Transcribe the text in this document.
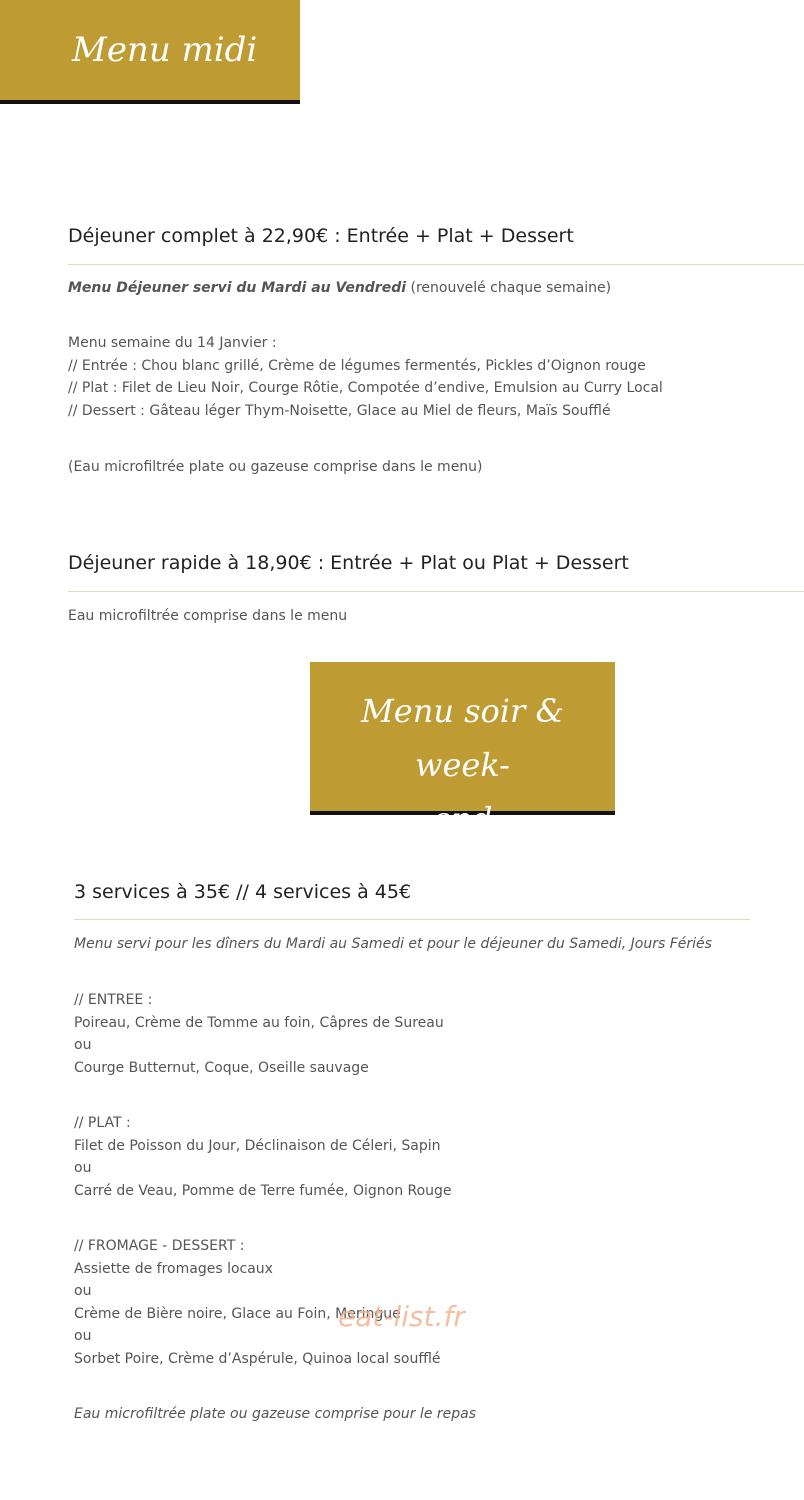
Menu midi
Déjeuner complet à 22,90€ : Entrée + Plat + Dessert
Menu Déjeuner servi du Mardi au Vendredi (renouvelé chaque semaine)

Menu semaine du 14 Janvier :

// Entrée : Chou blanc grillé, Crème de légumes fermentés, Pickles d’Oignon rouge

// Plat : Filet de Lieu Noir, Courge Rôtie, Compotée d’endive, Emulsion au Curry Local

// Dessert : Gâteau léger Thym-Noisette, Glace au Miel de fleurs, Maïs Soufflé

(Eau microfiltrée plate ou gazeuse comprise dans le menu)
Déjeuner rapide à 18,90€ : Entrée + Plat ou Plat + Dessert
Eau microfiltrée comprise dans le menu
Menu soir & week-
end
3 services à 35€ // 4 services à 45€
Menu servi pour les dîners du Mardi au Samedi et pour le déjeuner du Samedi, Jours Fériés

// ENTREE :

Poireau, Crème de Tomme au foin, Câpres de Sureau

ou

Courge Butternut, Coque, Oseille sauvage

// PLAT :

Filet de Poisson du Jour, Déclinaison de Céleri, Sapin

ou

Carré de Veau, Pomme de Terre fumée, Oignon Rouge

// FROMAGE - DESSERT :

Assiette de fromages locaux

ou

Crème de Bière noire, Glace au Foin, Meringue

ou

Sorbet Poire, Crème d’Aspérule, Quinoa local soufflé

Eau microfiltrée plate ou gazeuse comprise pour le repas
eat-list.fr
